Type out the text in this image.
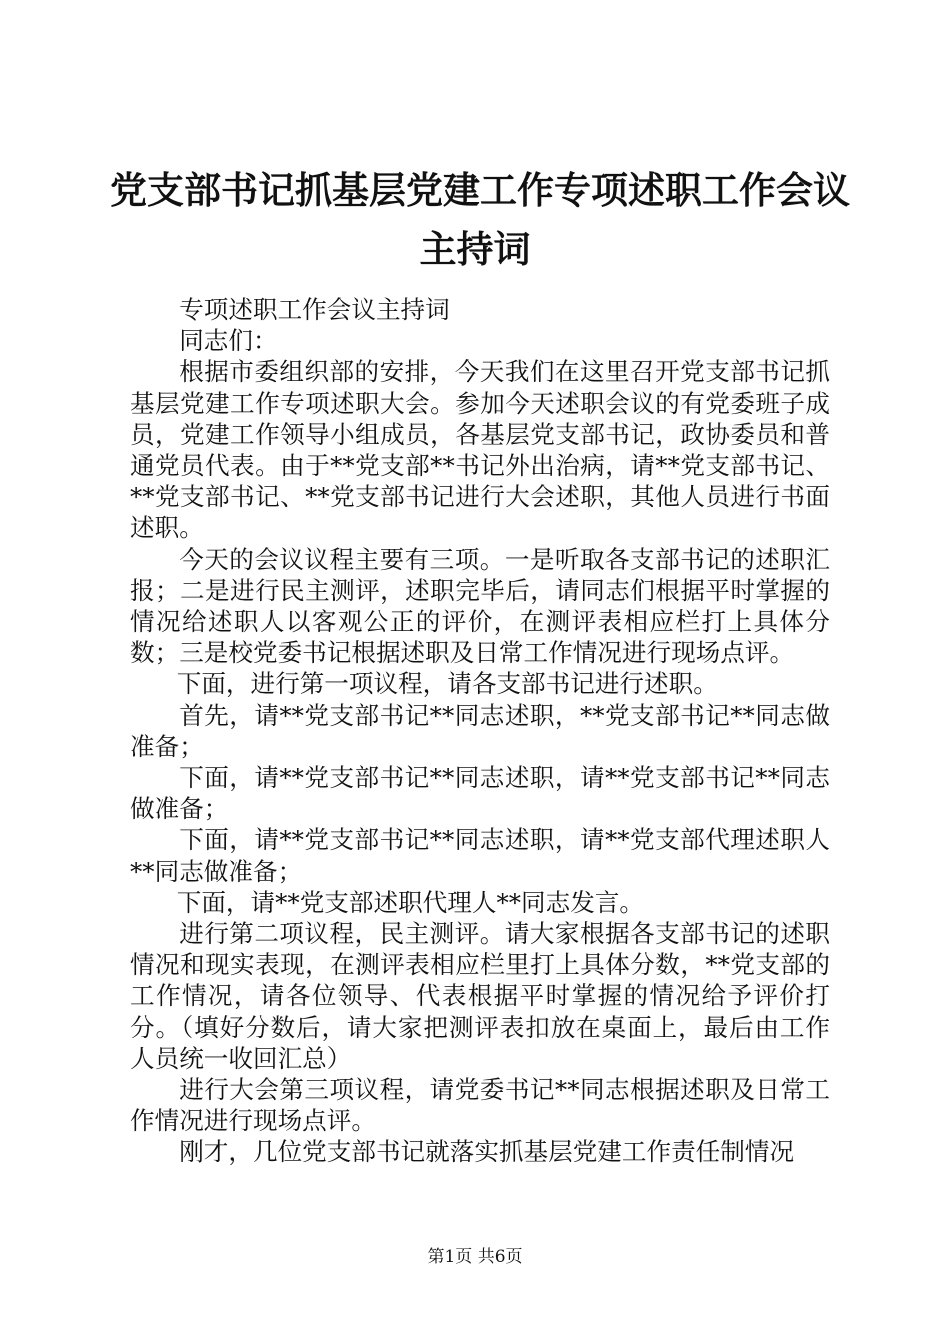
党支部书记抓基层党建工作专项述职工作会议
主持词

专项述职工作会议主持词

同志们：

根据市委组织部的安排，今天我们在这里召开党支部书记抓基层党建工作专项述职大会。参加今天述职会议的有党委班子成员，党建工作领导小组成员，各基层党支部书记，政协委员和普通党员代表。由于**党支部**书记外出治病，请**党支部书记、**党支部书记、**党支部书记进行大会述职，其他人员进行书面述职。

今天的会议议程主要有三项。一是听取各支部书记的述职汇报；二是进行民主测评，述职完毕后，请同志们根据平时掌握的情况给述职人以客观公正的评价，在测评表相应栏打上具体分数；三是校党委书记根据述职及日常工作情况进行现场点评。

下面，进行第一项议程，请各支部书记进行述职。

首先，请**党支部书记**同志述职，**党支部书记**同志做准备；

下面，请**党支部书记**同志述职，请**党支部书记**同志做准备；

下面，请**党支部书记**同志述职，请**党支部代理述职人**同志做准备；

下面，请**党支部述职代理人**同志发言。

进行第二项议程，民主测评。请大家根据各支部书记的述职情况和现实表现，在测评表相应栏里打上具体分数，**党支部的工作情况，请各位领导、代表根据平时掌握的情况给予评价打分。（填好分数后，请大家把测评表扣放在桌面上，最后由工作人员统一收回汇总）

进行大会第三项议程，请党委书记**同志根据述职及日常工作情况进行现场点评。

刚才，几位党支部书记就落实抓基层党建工作责任制情况

第1页 共6页
